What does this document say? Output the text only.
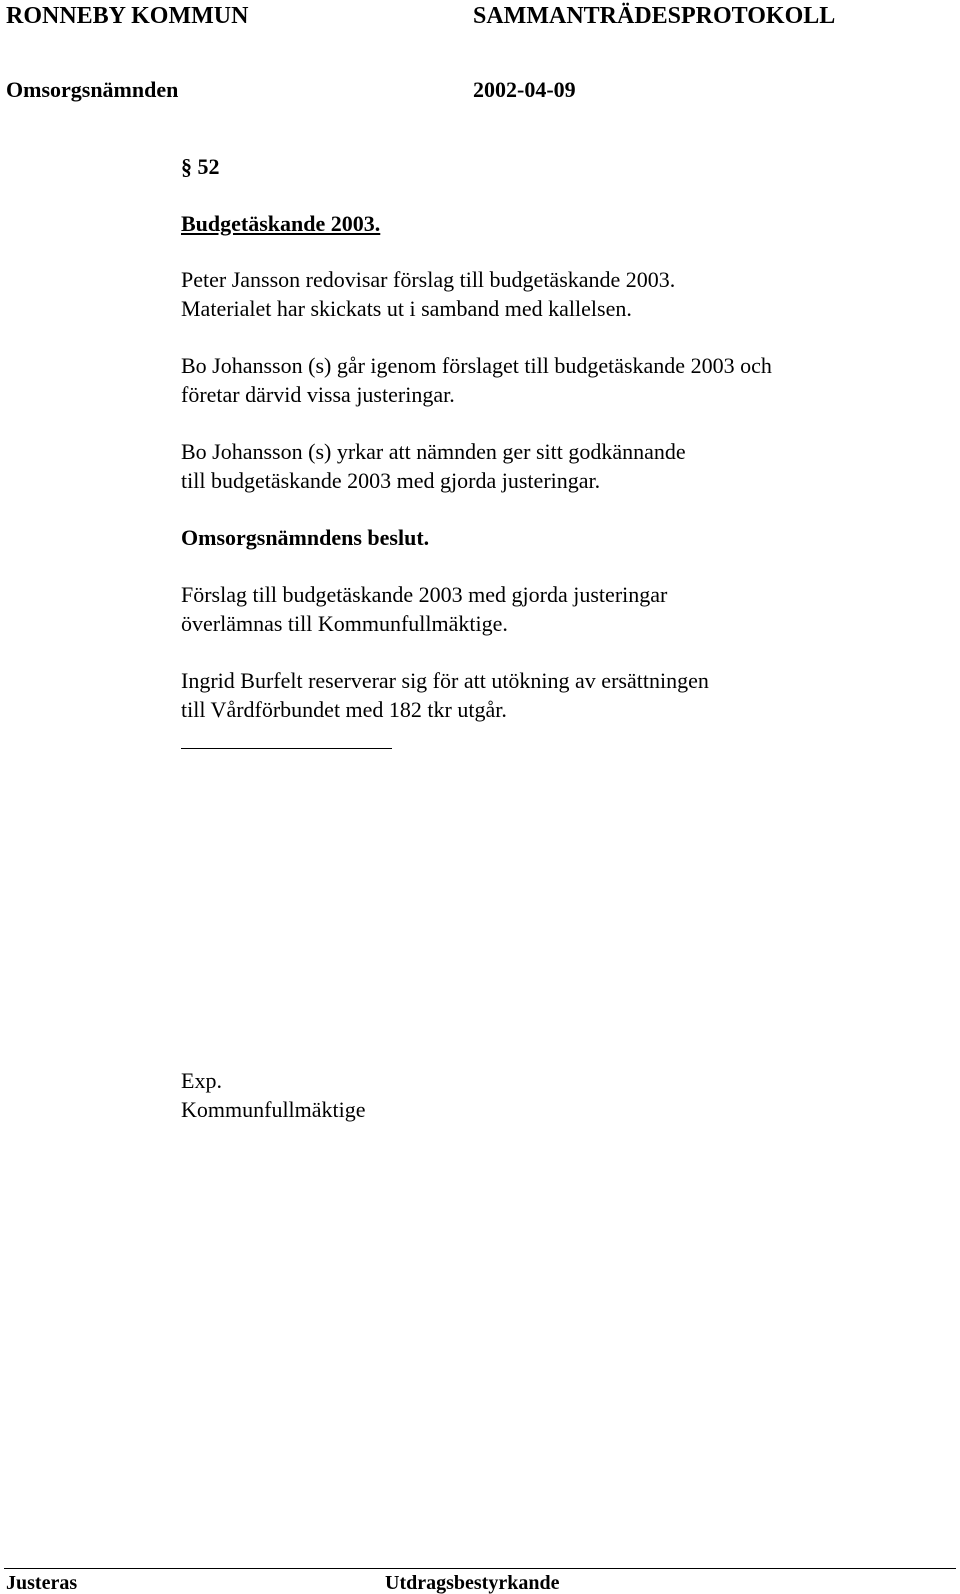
RONNEBY KOMMUN	SAMMANTRÄDESPROTOKOLL
Omsorgsnämnden	2002-04-09
§ 52
Budgetäskande 2003.
Peter Jansson redovisar förslag till budgetäskande 2003.
Materialet har skickats ut i samband med kallelsen.
Bo Johansson (s) går igenom förslaget till budgetäskande 2003 och
företar därvid vissa justeringar.
Bo Johansson (s) yrkar att nämnden ger sitt godkännande
till budgetäskande 2003 med gjorda justeringar.
Omsorgsnämndens beslut.
Förslag till budgetäskande 2003 med gjorda justeringar
överlämnas till Kommunfullmäktige.
Ingrid Burfelt reserverar sig för att utökning av ersättningen
till Vårdförbundet med 182 tkr utgår.
Exp.
Kommunfullmäktige
Justeras	Utdragsbestyrkande
